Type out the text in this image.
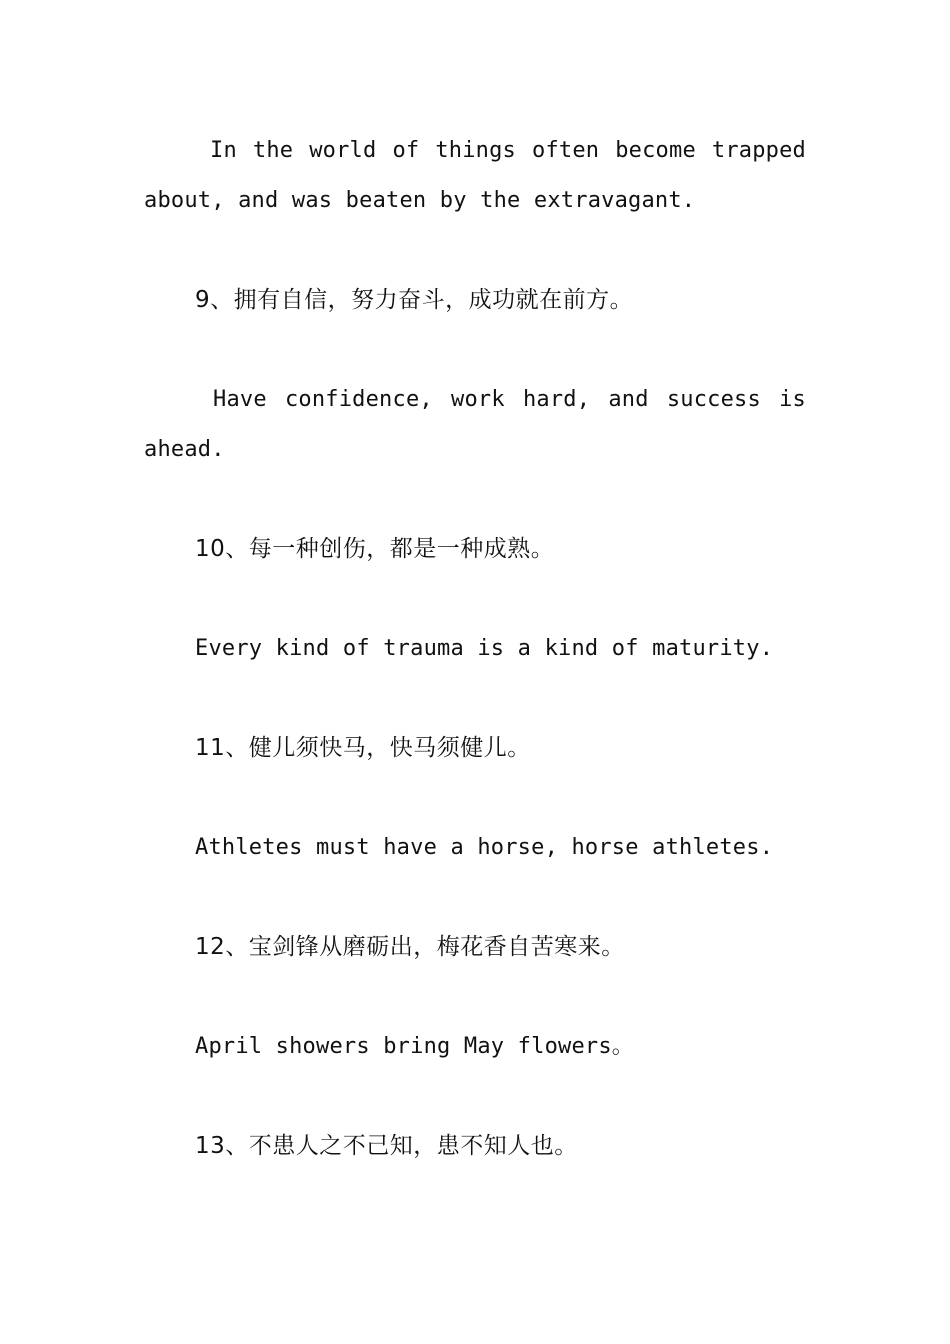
In the world of things often become trapped
about, and was beaten by the extravagant.
9、拥有自信，努力奋斗，成功就在前方。
Have confidence, work hard, and success is
ahead.
10、每一种创伤，都是一种成熟。
Every kind of trauma is a kind of maturity.
11、健儿须快马，快马须健儿。
Athletes must have a horse, horse athletes.
12、宝剑锋从磨砺出，梅花香自苦寒来。
April showers bring May flowers。
13、不患人之不己知，患不知人也。
